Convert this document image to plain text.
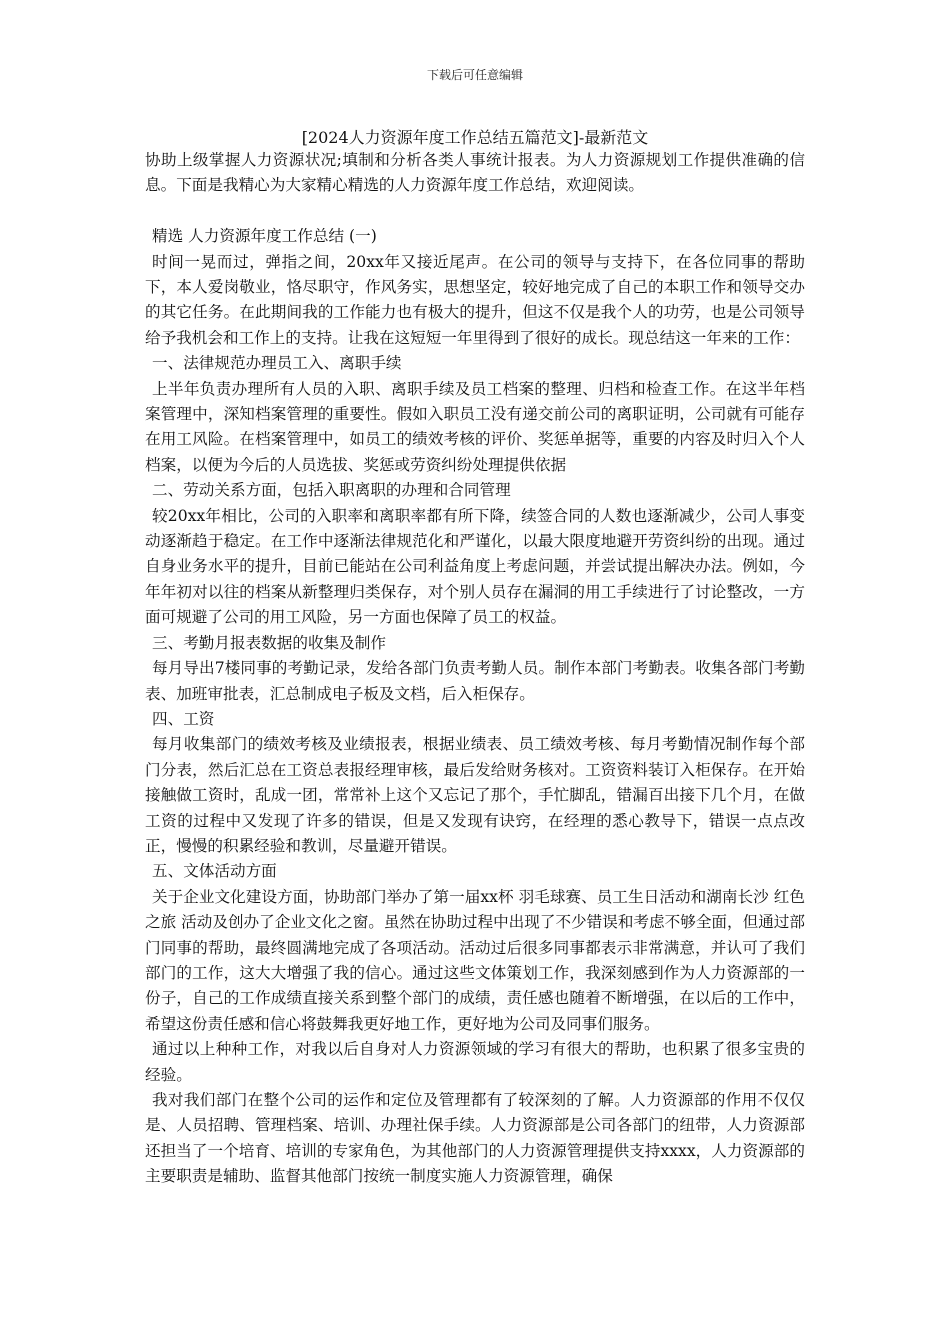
下载后可任意编辑
[2024人力资源年度工作总结五篇范文]-最新范文

协助上级掌握人力资源状况;填制和分析各类人事统计报表。为人力资源规划工作提供准确的信息。下面是我精心为大家精心精选的人力资源年度工作总结，欢迎阅读。

精选 人力资源年度工作总结 (一)

时间一晃而过，弹指之间，20xx年又接近尾声。在公司的领导与支持下，在各位同事的帮助下，本人爱岗敬业，恪尽职守，作风务实，思想坚定，较好地完成了自己的本职工作和领导交办的其它任务。在此期间我的工作能力也有极大的提升，但这不仅是我个人的功劳，也是公司领导给予我机会和工作上的支持。让我在这短短一年里得到了很好的成长。现总结这一年来的工作：

一、法律规范办理员工入、离职手续

上半年负责办理所有人员的入职、离职手续及员工档案的整理、归档和检查工作。在这半年档案管理中，深知档案管理的重要性。假如入职员工没有递交前公司的离职证明，公司就有可能存在用工风险。在档案管理中，如员工的绩效考核的评价、奖惩单据等，重要的内容及时归入个人档案，以便为今后的人员选拔、奖惩或劳资纠纷处理提供依据

二、劳动关系方面，包括入职离职的办理和合同管理

较20xx年相比，公司的入职率和离职率都有所下降，续签合同的人数也逐渐减少，公司人事变动逐渐趋于稳定。在工作中逐渐法律规范化和严谨化，以最大限度地避开劳资纠纷的出现。通过自身业务水平的提升，目前已能站在公司利益角度上考虑问题，并尝试提出解决办法。例如，今年年初对以往的档案从新整理归类保存，对个别人员存在漏洞的用工手续进行了讨论整改，一方面可规避了公司的用工风险，另一方面也保障了员工的权益。

三、考勤月报表数据的收集及制作

每月导出7楼同事的考勤记录，发给各部门负责考勤人员。制作本部门考勤表。收集各部门考勤表、加班审批表，汇总制成电子板及文档，后入柜保存。

四、工资

每月收集部门的绩效考核及业绩报表，根据业绩表、员工绩效考核、每月考勤情况制作每个部门分表，然后汇总在工资总表报经理审核，最后发给财务核对。工资资料装订入柜保存。在开始接触做工资时，乱成一团，常常补上这个又忘记了那个，手忙脚乱，错漏百出接下几个月，在做工资的过程中又发现了许多的错误，但是又发现有诀窍，在经理的悉心教导下，错误一点点改正，慢慢的积累经验和教训，尽量避开错误。

五、文体活动方面

关于企业文化建设方面，协助部门举办了第一届xx杯 羽毛球赛、员工生日活动和湖南长沙 红色之旅 活动及创办了企业文化之窗。虽然在协助过程中出现了不少错误和考虑不够全面，但通过部门同事的帮助，最终圆满地完成了各项活动。活动过后很多同事都表示非常满意，并认可了我们部门的工作，这大大增强了我的信心。通过这些文体策划工作，我深刻感到作为人力资源部的一份子，自己的工作成绩直接关系到整个部门的成绩，责任感也随着不断增强，在以后的工作中，希望这份责任感和信心将鼓舞我更好地工作，更好地为公司及同事们服务。

通过以上种种工作，对我以后自身对人力资源领域的学习有很大的帮助，也积累了很多宝贵的经验。

我对我们部门在整个公司的运作和定位及管理都有了较深刻的了解。人力资源部的作用不仅仅是、人员招聘、管理档案、培训、办理社保手续。人力资源部是公司各部门的纽带，人力资源部还担当了一个培育、培训的专家角色，为其他部门的人力资源管理提供支持xxxx，人力资源部的主要职责是辅助、监督其他部门按统一制度实施人力资源管理，确保
